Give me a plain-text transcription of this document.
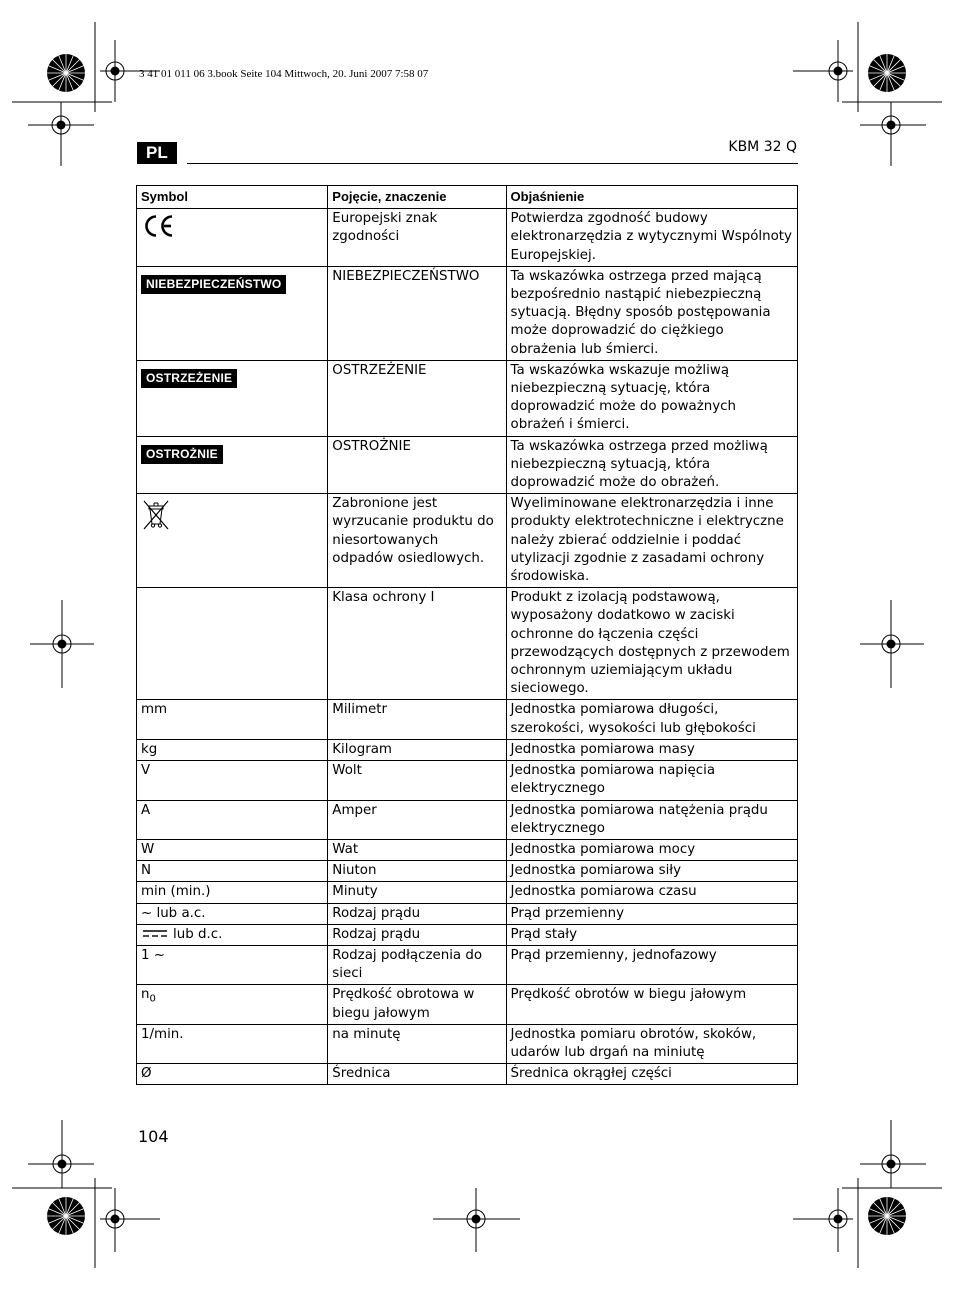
3 41 01 011 06 3.book Seite 104 Mittwoch, 20. Juni 2007 7:58 07
PL	KBM 32 Q
Symbol	Pojęcie, znaczenie	Objaśnienie
	Europejski znak zgodności	Potwierdza zgodność budowy elektronarzędzia z wytycznymi Wspólnoty Europejskiej.
NIEBEZPIECZEŃSTWO	NIEBEZPIECZEŃSTWO	Ta wskazówka ostrzega przed mającą bezpośrednio nastąpić niebezpieczną sytuacją. Błędny sposób postępowania może doprowadzić do ciężkiego obrażenia lub śmierci.
OSTRZEŻENIE	OSTRZEŻENIE	Ta wskazówka wskazuje możliwą niebezpieczną sytuację, która doprowadzić może do poważnych obrażeń i śmierci.
OSTROŻNIE	OSTROŻNIE	Ta wskazówka ostrzega przed możliwą niebezpieczną sytuacją, która doprowadzić może do obrażeń.
	Zabronione jest wyrzucanie produktu do niesortowanych odpadów osiedlowych.	Wyeliminowane elektronarzędzia i inne produkty elektrotechniczne i elektryczne należy zbierać oddzielnie i poddać utylizacji zgodnie z zasadami ochrony środowiska.
	Klasa ochrony I	Produkt z izolacją podstawową, wyposażony dodatkowo w zaciski ochronne do łączenia części przewodzących dostępnych z przewodem ochronnym uziemiającym układu sieciowego.
mm	Milimetr	Jednostka pomiarowa długości, szerokości, wysokości lub głębokości
kg	Kilogram	Jednostka pomiarowa masy
V	Wolt	Jednostka pomiarowa napięcia elektrycznego
A	Amper	Jednostka pomiarowa natężenia prądu elektrycznego
W	Wat	Jednostka pomiarowa mocy
N	Niuton	Jednostka pomiarowa siły
min (min.)	Minuty	Jednostka pomiarowa czasu
~ lub a.c.	Rodzaj prądu	Prąd przemienny
lub d.c.	Rodzaj prądu	Prąd stały
1 ~	Rodzaj podłączenia do sieci	Prąd przemienny, jednofazowy
$n_0$	Prędkość obrotowa w biegu jałowym	Prędkość obrotów w biegu jałowym
1/min.	na minutę	Jednostka pomiaru obrotów, skoków, udarów lub drgań na miniutę
Ø	Średnica	Średnica okrągłej części
104
